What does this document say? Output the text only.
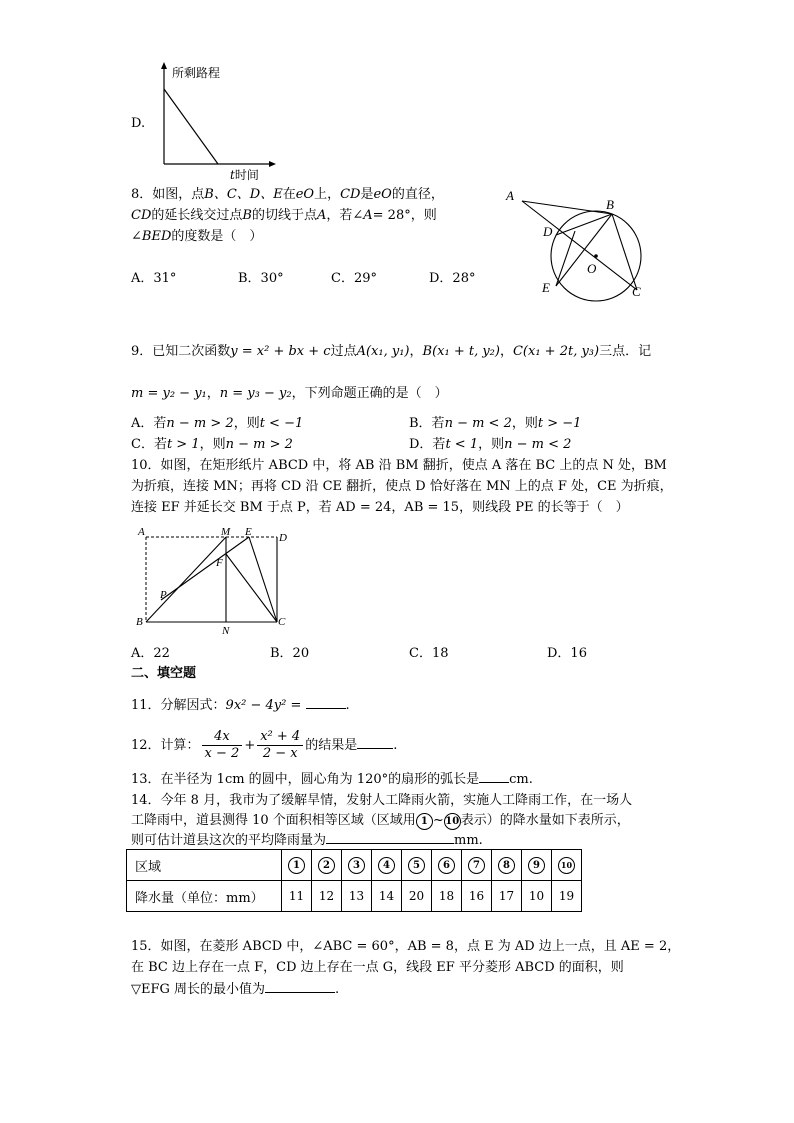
D.
所剩路程
t时间
8．如图，点B、C、D、E在eO上，CD是eO的直径，
CD的延长线交过点B的切线于点A，若∠A= 28°，则
∠BED的度数是（　）
A．31°	B．30°	C．29°	D．28°
A
B
D
O
E	C
9．已知二次函数y = x² + bx + c过点A(x₁, y₁)，B(x₁ + t, y₂)，C(x₁ + 2t, y₃)三点．记
m = y₂ − y₁，n = y₃ − y₂，下列命题正确的是（　）
A．若n − m > 2，则t < −1	B．若n − m < 2，则t > −1
C．若t > 1，则n − m > 2	D．若t < 1，则n − m < 2
10．如图，在矩形纸片 ABCD 中，将 AB 沿 BM 翻折，使点 A 落在 BC 上的点 N 处，BM
为折痕，连接 MN；再将 CD 沿 CE 翻折，使点 D 恰好落在 MN 上的点 F 处，CE 为折痕，
连接 EF 并延长交 BM 于点 P，若 AD = 24，AB = 15，则线段 PE 的长等于（　）
A	M E D
F
P
B
N
C
A．22	B．20	C．18	D．16
二、填空题
11．分解因式：9x² − 4y² =	.
12．计算： $\frac{4x}{x - 2} + \frac{\text{x² + 4}}{2 - x}$ 的结果是	.
13．在半径为 1cm 的圆中，圆心角为 120°的扇形的弧长是 cm.
14．今年 8 月，我市为了缓解旱情，发射人工降雨火箭，实施人工降雨工作，在一场人
工降雨中，道县测得 10 个面积相等区域（区域用 1 ~ 10 表示）的降水量如下表所示，
则可估计道县这次的平均降雨量为	mm.
区域	1	2	3	4	5	6	7	8	9	10
降水量（单位：mm）	11	12	13	14	20	18	16	17	10	19
15．如图，在菱形 ABCD 中，∠ABC = 60°，AB = 8，点 E 为 AD 边上一点，且 AE = 2，
在 BC 边上存在一点 F，CD 边上存在一点 G，线段 EF 平分菱形 ABCD 的面积，则
▽EFG 周长的最小值为	.
